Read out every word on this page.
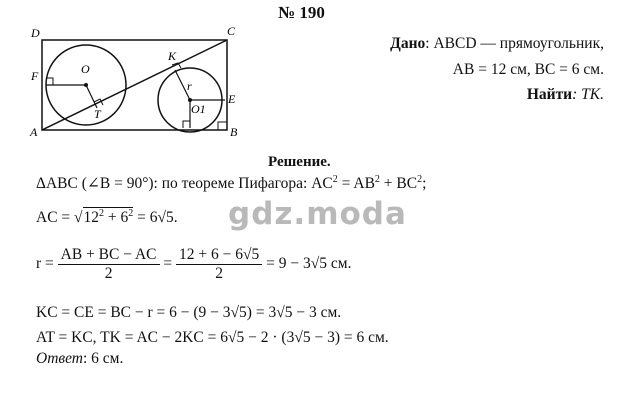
№ 190
A	B
C
D
F	O
T
K
r
O1
E
Дано: ABCD — прямоугольник,
AB = 12 см, BC = 6 см.
Найти: TK.
Решение.
gdz.moda
ΔABC (∠B = 90°): по теореме Пифагора: $AC^2 = AB^2 + BC^2$;
AC = $√12^2 + 6^2 = 6√5$.
$r = \frac{AB + BC - AC}{2} = \frac{12 + 6 - 6√5}{2} = 9 - 3√5$ см.
KC = CE = BC − r = 6 − (9 − 3√5) = 3√5 − 3 см.
AT = KC, TK = AC − 2KC = 6√5 − 2 · (3√5 − 3) = 6 см.
Ответ: 6 см.
